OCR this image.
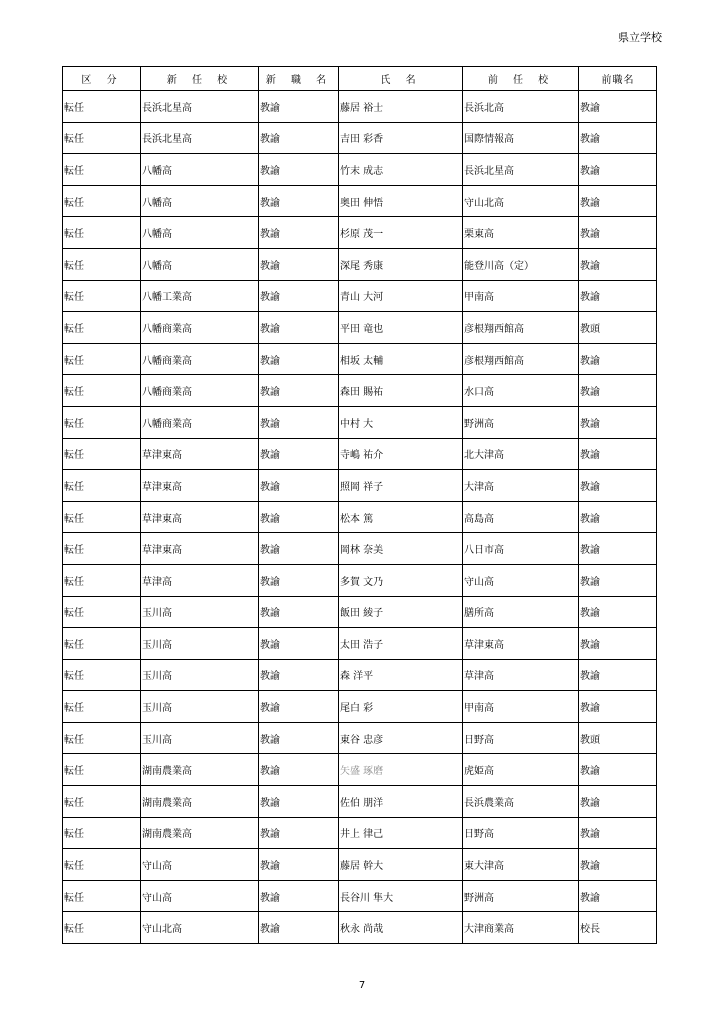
県立学校
区 分	新 任 校	新 職 名	氏 名	前 任 校	前職名
転任	長浜北星高	教諭	藤居 裕士	長浜北高	教諭
転任	長浜北星高	教諭	吉田 彩香	国際情報高	教諭
転任	八幡高	教諭	竹末 成志	長浜北星高	教諭
転任	八幡高	教諭	奥田 伸悟	守山北高	教諭
転任	八幡高	教諭	杉原 茂一	栗東高	教諭
転任	八幡高	教諭	深尾 秀康	能登川高（定）	教諭
転任	八幡工業高	教諭	青山 大河	甲南高	教諭
転任	八幡商業高	教諭	平田 竜也	彦根翔西館高	教頭
転任	八幡商業高	教諭	相坂 太輔	彦根翔西館高	教諭
転任	八幡商業高	教諭	森田 賜祐	水口高	教諭
転任	八幡商業高	教諭	中村 大	野洲高	教諭
転任	草津東高	教諭	寺嶋 祐介	北大津高	教諭
転任	草津東高	教諭	照岡 祥子	大津高	教諭
転任	草津東高	教諭	松本 篤	高島高	教諭
転任	草津東高	教諭	岡林 奈美	八日市高	教諭
転任	草津高	教諭	多賀 文乃	守山高	教諭
転任	玉川高	教諭	飯田 綾子	膳所高	教諭
転任	玉川高	教諭	太田 浩子	草津東高	教諭
転任	玉川高	教諭	森 洋平	草津高	教諭
転任	玉川高	教諭	尾白 彩	甲南高	教諭
転任	玉川高	教諭	東谷 忠彦	日野高	教頭
転任	湖南農業高	教諭	矢盛 琢磨	虎姫高	教諭
転任	湖南農業高	教諭	佐伯 朋洋	長浜農業高	教諭
転任	湖南農業高	教諭	井上 律己	日野高	教諭
転任	守山高	教諭	藤居 幹大	東大津高	教諭
転任	守山高	教諭	長谷川 隼大	野洲高	教諭
転任	守山北高	教諭	秋永 尚哉	大津商業高	校長
7
